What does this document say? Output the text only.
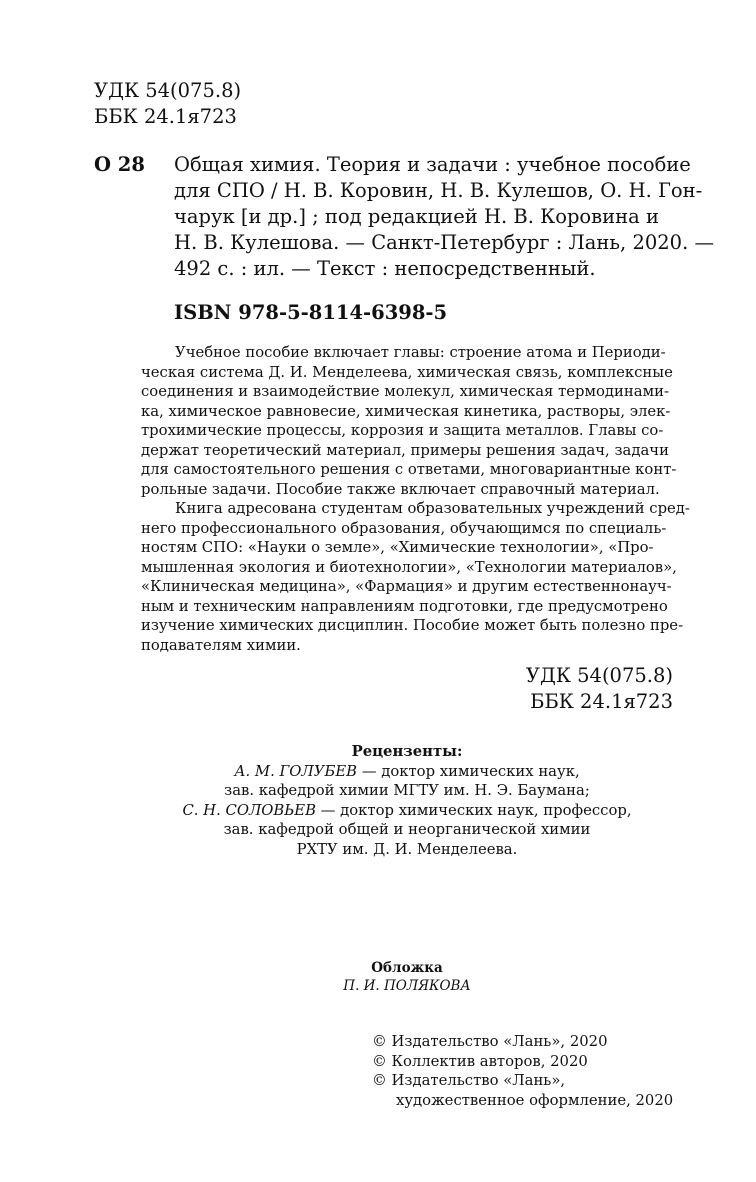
УДК 54(075.8)
ББК 24.1я723
О 28 Общая химия. Теория и задачи : учебное пособие
для СПО / Н. В. Коровин, Н. В. Кулешов, О. Н. Гон-
чарук [и др.] ; под редакцией Н. В. Коровина и
Н. В. Кулешова. — Санкт-Петербург : Лань, 2020. —
492 с. : ил. — Текст : непосредственный.
ISBN 978-5-8114-6398-5
Учебное пособие включает главы: строение атома и Периоди-
ческая система Д. И. Менделеева, химическая связь, комплексные
соединения и взаимодействие молекул, химическая термодинами-
ка, химическое равновесие, химическая кинетика, растворы, элек-
трохимические процессы, коррозия и защита металлов. Главы со-
держат теоретический материал, примеры решения задач, задачи
для самостоятельного решения с ответами, многовариантные конт-
рольные задачи. Пособие также включает справочный материал.
Книга адресована студентам образовательных учреждений сред-
него профессионального образования, обучающимся по специаль-
ностям СПО: «Науки о земле», «Химические технологии», «Про-
мышленная экология и биотехнологии», «Технологии материалов»,
«Клиническая медицина», «Фармация» и другим естественнонауч-
ным и техническим направлениям подготовки, где предусмотрено
изучение химических дисциплин. Пособие может быть полезно пре-
подавателям химии.
УДК 54(075.8)
ББК 24.1я723
Рецензенты:
А. М. ГОЛУБЕВ — доктор химических наук,
зав. кафедрой химии МГТУ им. Н. Э. Баумана;
С. Н. СОЛОВЬЕВ — доктор химических наук, профессор,
зав. кафедрой общей и неорганической химии
РХТУ им. Д. И. Менделеева.
Обложка
П. И. ПОЛЯКОВА
© Издательство «Лань», 2020
© Коллектив авторов, 2020
© Издательство «Лань»,
художественное оформление, 2020
